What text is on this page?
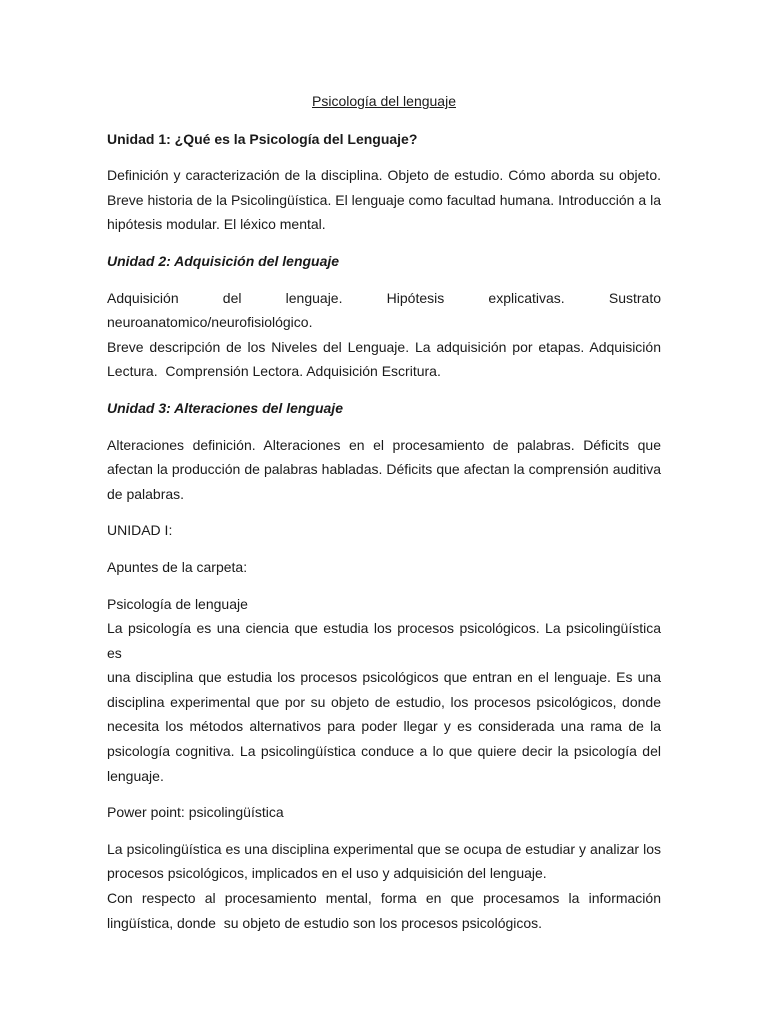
Psicología del lenguaje
Unidad 1: ¿Qué es la Psicología del Lenguaje?
Definición y caracterización de la disciplina. Objeto de estudio. Cómo aborda su objeto.
Breve historia de la Psicolingüística. El lenguaje como facultad humana. Introducción a la
hipótesis modular. El léxico mental.
Unidad 2: Adquisición del lenguaje
Adquisición del lenguaje. Hipótesis explicativas. Sustrato neuroanatomico/neurofisiológico.
Breve descripción de los Niveles del Lenguaje. La adquisición por etapas. Adquisición
Lectura.  Comprensión Lectora. Adquisición Escritura.
Unidad 3: Alteraciones del lenguaje
Alteraciones definición. Alteraciones en el procesamiento de palabras. Déficits que
afectan la producción de palabras habladas. Déficits que afectan la comprensión auditiva
de palabras.
UNIDAD I:
Apuntes de la carpeta:
Psicología de lenguaje
La psicología es una ciencia que estudia los procesos psicológicos. La psicolingüística es
una disciplina que estudia los procesos psicológicos que entran en el lenguaje. Es una
disciplina experimental que por su objeto de estudio, los procesos psicológicos, donde
necesita los métodos alternativos para poder llegar y es considerada una rama de la
psicología cognitiva. La psicolingüística conduce a lo que quiere decir la psicología del
lenguaje.
Power point: psicolingüística
La psicolingüística es una disciplina experimental que se ocupa de estudiar y analizar los
procesos psicológicos, implicados en el uso y adquisición del lenguaje.
Con respecto al procesamiento mental, forma en que procesamos la información
lingüística, donde  su objeto de estudio son los procesos psicológicos.
